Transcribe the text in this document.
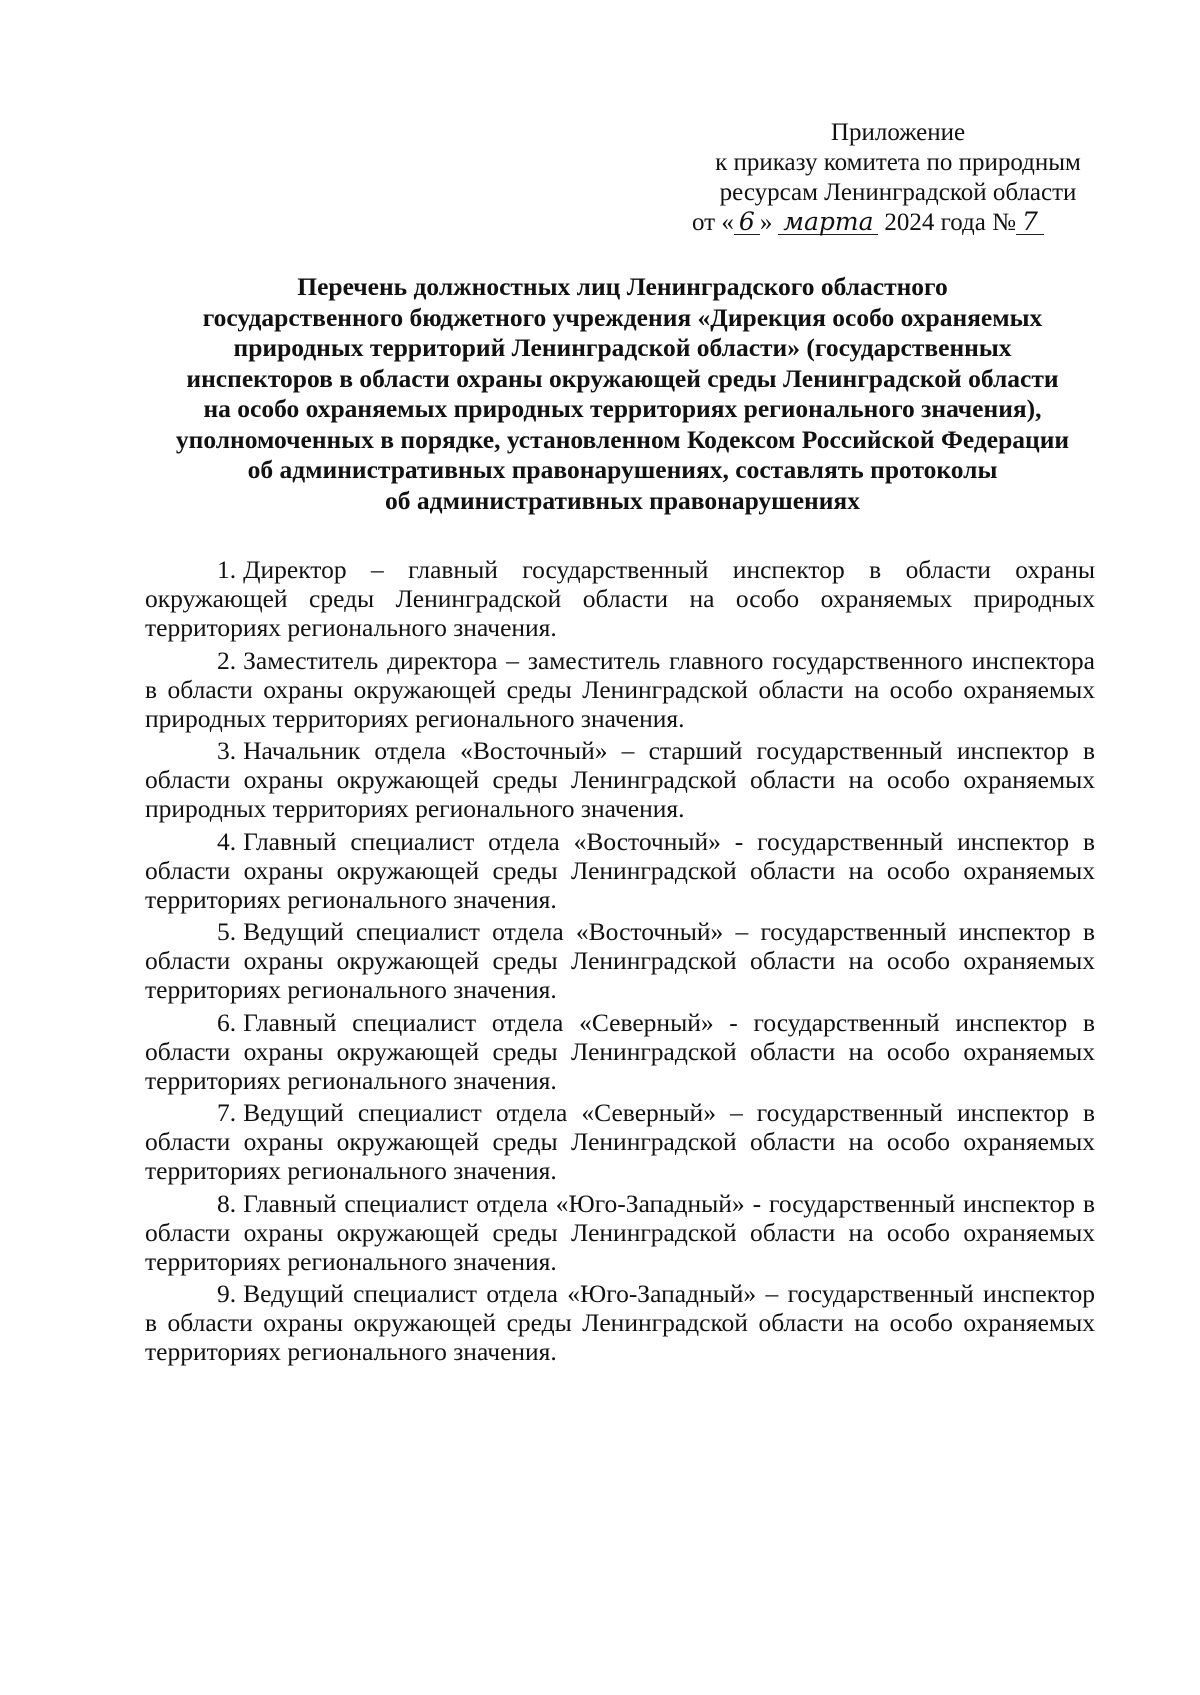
Приложение
к приказу комитета по природным
ресурсам Ленинградской области
от « 6 » марта 2024 года № 7
Перечень должностных лиц Ленинградского областного
государственного бюджетного учреждения «Дирекция особо охраняемых
природных территорий Ленинградской области» (государственных
инспекторов в области охраны окружающей среды Ленинградской области
на особо охраняемых природных территориях регионального значения),
уполномоченных в порядке, установленном Кодексом Российской Федерации
об административных правонарушениях, составлять протоколы
об административных правонарушениях

1. Директор – главный государственный инспектор в области охраны окружающей среды Ленинградской области на особо охраняемых природных территориях регионального значения.

2. Заместитель директора – заместитель главного государственного инспектора в области охраны окружающей среды Ленинградской области на особо охраняемых природных территориях регионального значения.

3. Начальник отдела «Восточный» – старший государственный инспектор в области охраны окружающей среды Ленинградской области на особо охраняемых природных территориях регионального значения.

4. Главный специалист отдела «Восточный» - государственный инспектор в области охраны окружающей среды Ленинградской области на особо охраняемых территориях регионального значения.

5. Ведущий специалист отдела «Восточный» – государственный инспектор в области охраны окружающей среды Ленинградской области на особо охраняемых территориях регионального значения.

6. Главный специалист отдела «Северный» - государственный инспектор в области охраны окружающей среды Ленинградской области на особо охраняемых территориях регионального значения.

7. Ведущий специалист отдела «Северный» – государственный инспектор в области охраны окружающей среды Ленинградской области на особо охраняемых территориях регионального значения.

8. Главный специалист отдела «Юго-Западный» - государственный инспектор в области охраны окружающей среды Ленинградской области на особо охраняемых территориях регионального значения.

9. Ведущий специалист отдела «Юго-Западный» – государственный инспектор в области охраны окружающей среды Ленинградской области на особо охраняемых территориях регионального значения.
